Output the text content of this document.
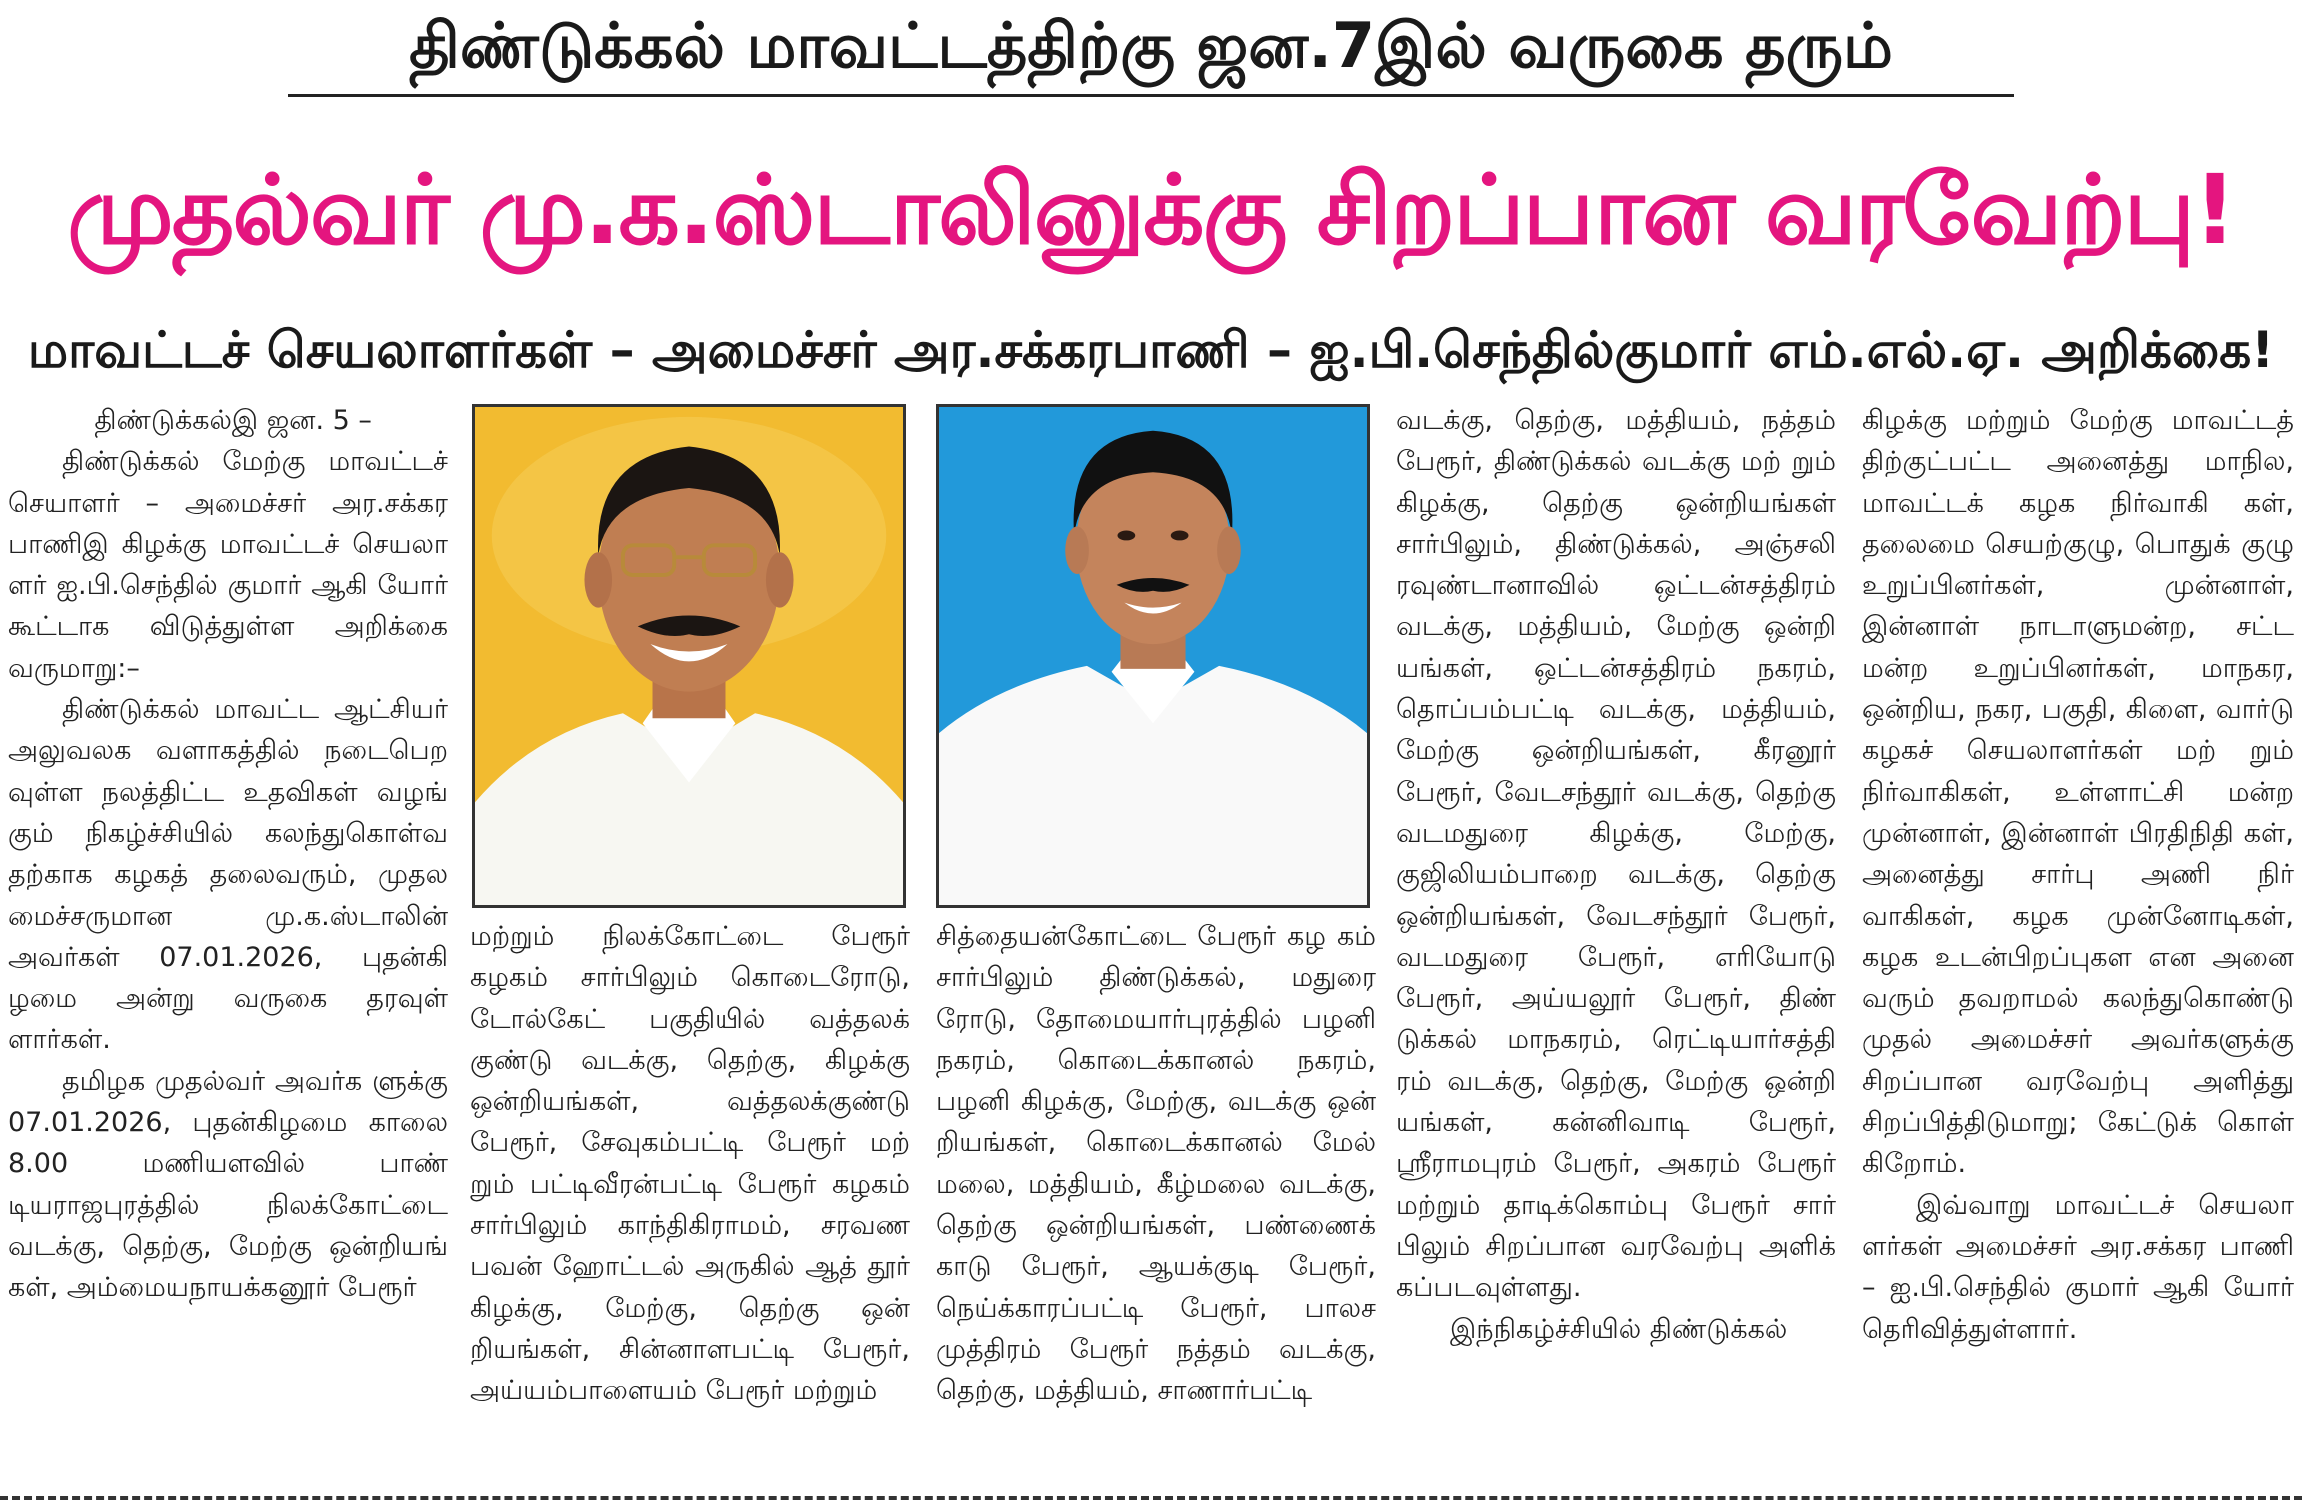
திண்டுக்கல் மாவட்டத்திற்கு ஜன.7இல் வருகை தரும்
முதல்வர் மு.க.ஸ்டாலினுக்கு சிறப்பான வரவேற்பு!
மாவட்டச் செயலாளர்கள் – அமைச்சர் அர.சக்கரபாணி – ஐ.பி.செந்தில்குமார் எம்.எல்.ஏ. அறிக்கை!

திண்டுக்கல்இ ஜன. 5 –

திண்டுக்கல் மேற்கு மாவட்டச் செயாளர் – அமைச்சர் அர.சக்கர பாணிஇ கிழக்கு மாவட்டச் செயலா ளர் ஐ.பி.செந்தில் குமார் ஆகி யோர் கூட்டாக விடுத்துள்ள அறிக்கை வருமாறு:–

திண்டுக்கல் மாவட்ட ஆட்சியர் அலுவலக வளாகத்தில் நடைபெற வுள்ள நலத்திட்ட உதவிகள் வழங் கும் நிகழ்ச்சியில் கலந்துகொள்வ தற்காக கழகத் தலைவரும், முதல மைச்சருமான மு.க.ஸ்டாலின் அவர்கள் 07.01.2026, புதன்கி ழமை அன்று வருகை தரவுள் ளார்கள்.

தமிழக முதல்வர் அவர்க ளுக்கு 07.01.2026, புதன்கிழமை காலை 8.00 மணியளவில் பாண் டியராஜபுரத்தில் நிலக்கோட்டை வடக்கு, தெற்கு, மேற்கு ஒன்றியங் கள், அம்மையநாயக்கனூர் பேரூர்

மற்றும் நிலக்கோட்டை பேரூர் கழகம் சார்பிலும் கொடைரோடு, டோல்கேட் பகுதியில் வத்தலக் குண்டு வடக்கு, தெற்கு, கிழக்கு ஒன்றியங்கள், வத்தலக்குண்டு பேரூர், சேவுகம்பட்டி பேரூர் மற் றும் பட்டிவீரன்பட்டி பேரூர் கழகம் சார்பிலும் காந்திகிராமம், சரவண பவன் ஹோட்டல் அருகில் ஆத் தூர் கிழக்கு, மேற்கு, தெற்கு ஒன் றியங்கள், சின்னாளபட்டி பேரூர், அய்யம்பாளையம் பேரூர் மற்றும்

சித்தையன்கோட்டை பேரூர் கழ கம் சார்பிலும் திண்டுக்கல், மதுரை ரோடு, தோமையார்புரத்தில் பழனி நகரம், கொடைக்கானல் நகரம், பழனி கிழக்கு, மேற்கு, வடக்கு ஒன் றியங்கள், கொடைக்கானல் மேல் மலை, மத்தியம், கீழ்மலை வடக்கு, தெற்கு ஒன்றியங்கள், பண்ணைக் காடு பேரூர், ஆயக்குடி பேரூர், நெய்க்காரப்பட்டி பேரூர், பாலச முத்திரம் பேரூர் நத்தம் வடக்கு, தெற்கு, மத்தியம், சாணார்பட்டி

வடக்கு, தெற்கு, மத்தியம், நத்தம் பேரூர், திண்டுக்கல் வடக்கு மற் றும் கிழக்கு, தெற்கு ஒன்றியங்கள் சார்பிலும், திண்டுக்கல், அஞ்சலி ரவுண்டானாவில் ஒட்டன்சத்திரம் வடக்கு, மத்தியம், மேற்கு ஒன்றி யங்கள், ஒட்டன்சத்திரம் நகரம், தொப்பம்பட்டி வடக்கு, மத்தியம், மேற்கு ஒன்றியங்கள், கீரனூர் பேரூர், வேடசந்தூர் வடக்கு, தெற்கு வடமதுரை கிழக்கு, மேற்கு, குஜிலியம்பாறை வடக்கு, தெற்கு ஒன்றியங்கள், வேடசந்தூர் பேரூர், வடமதுரை பேரூர், எரியோடு பேரூர், அய்யலூர் பேரூர், திண் டுக்கல் மாநகரம், ரெட்டியார்சத்தி ரம் வடக்கு, தெற்கு, மேற்கு ஒன்றி யங்கள், கன்னிவாடி பேரூர், ஸ்ரீராமபுரம் பேரூர், அகரம் பேரூர் மற்றும் தாடிக்கொம்பு பேரூர் சார் பிலும் சிறப்பான வரவேற்பு அளிக் கப்படவுள்ளது.

இந்நிகழ்ச்சியில் திண்டுக்கல்

கிழக்கு மற்றும் மேற்கு மாவட்டத் திற்குட்பட்ட அனைத்து மாநில, மாவட்டக் கழக நிர்வாகி கள், தலைமை செயற்குழு, பொதுக் குழு உறுப்பினர்கள், முன்னாள், இன்னாள் நாடாளுமன்ற, சட்ட மன்ற உறுப்பினர்கள், மாநகர, ஒன்றிய, நகர, பகுதி, கிளை, வார்டு கழகச் செயலாளர்கள் மற் றும் நிர்வாகிகள், உள்ளாட்சி மன்ற முன்னாள், இன்னாள் பிரதிநிதி கள், அனைத்து சார்பு அணி நிர் வாகிகள், கழக முன்னோடிகள், கழக உடன்பிறப்புகள என அனை வரும் தவறாமல் கலந்துகொண்டு முதல் அமைச்சர் அவர்களுக்கு சிறப்பான வரவேற்பு அளித்து சிறப்பித்திடுமாறு; கேட்டுக் கொள் கிறோம்.

இவ்வாறு மாவட்டச் செயலா ளர்கள் அமைச்சர் அர.சக்கர பாணி – ஐ.பி.செந்தில் குமார் ஆகி யோர் தெரிவித்துள்ளார்.
